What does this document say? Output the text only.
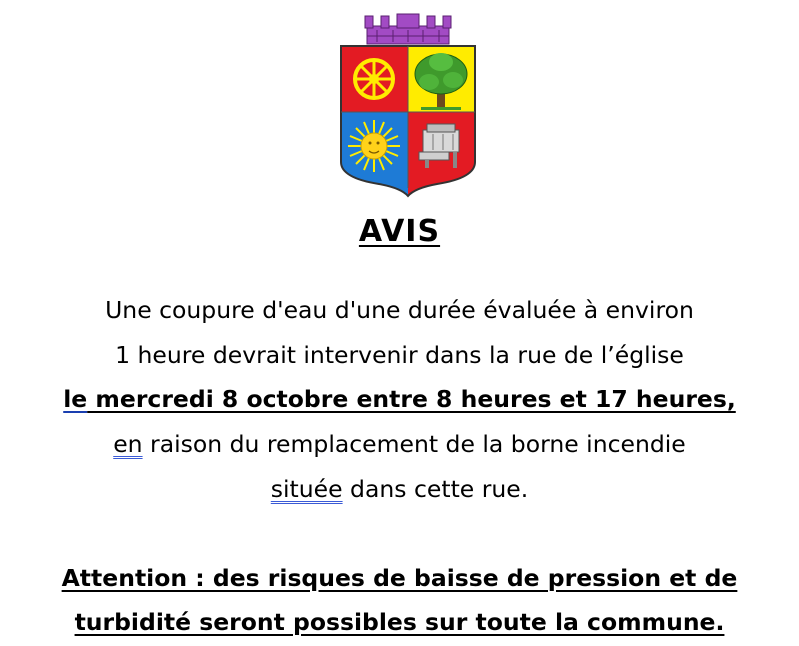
AVIS
Une coupure d'eau d'une durée évaluée à environ
1 heure devrait intervenir dans la rue de l’église
le mercredi 8 octobre entre 8 heures et 17 heures,
en raison du remplacement de la borne incendie
située dans cette rue.
Attention : des risques de baisse de pression et de
turbidité seront possibles sur toute la commune.
